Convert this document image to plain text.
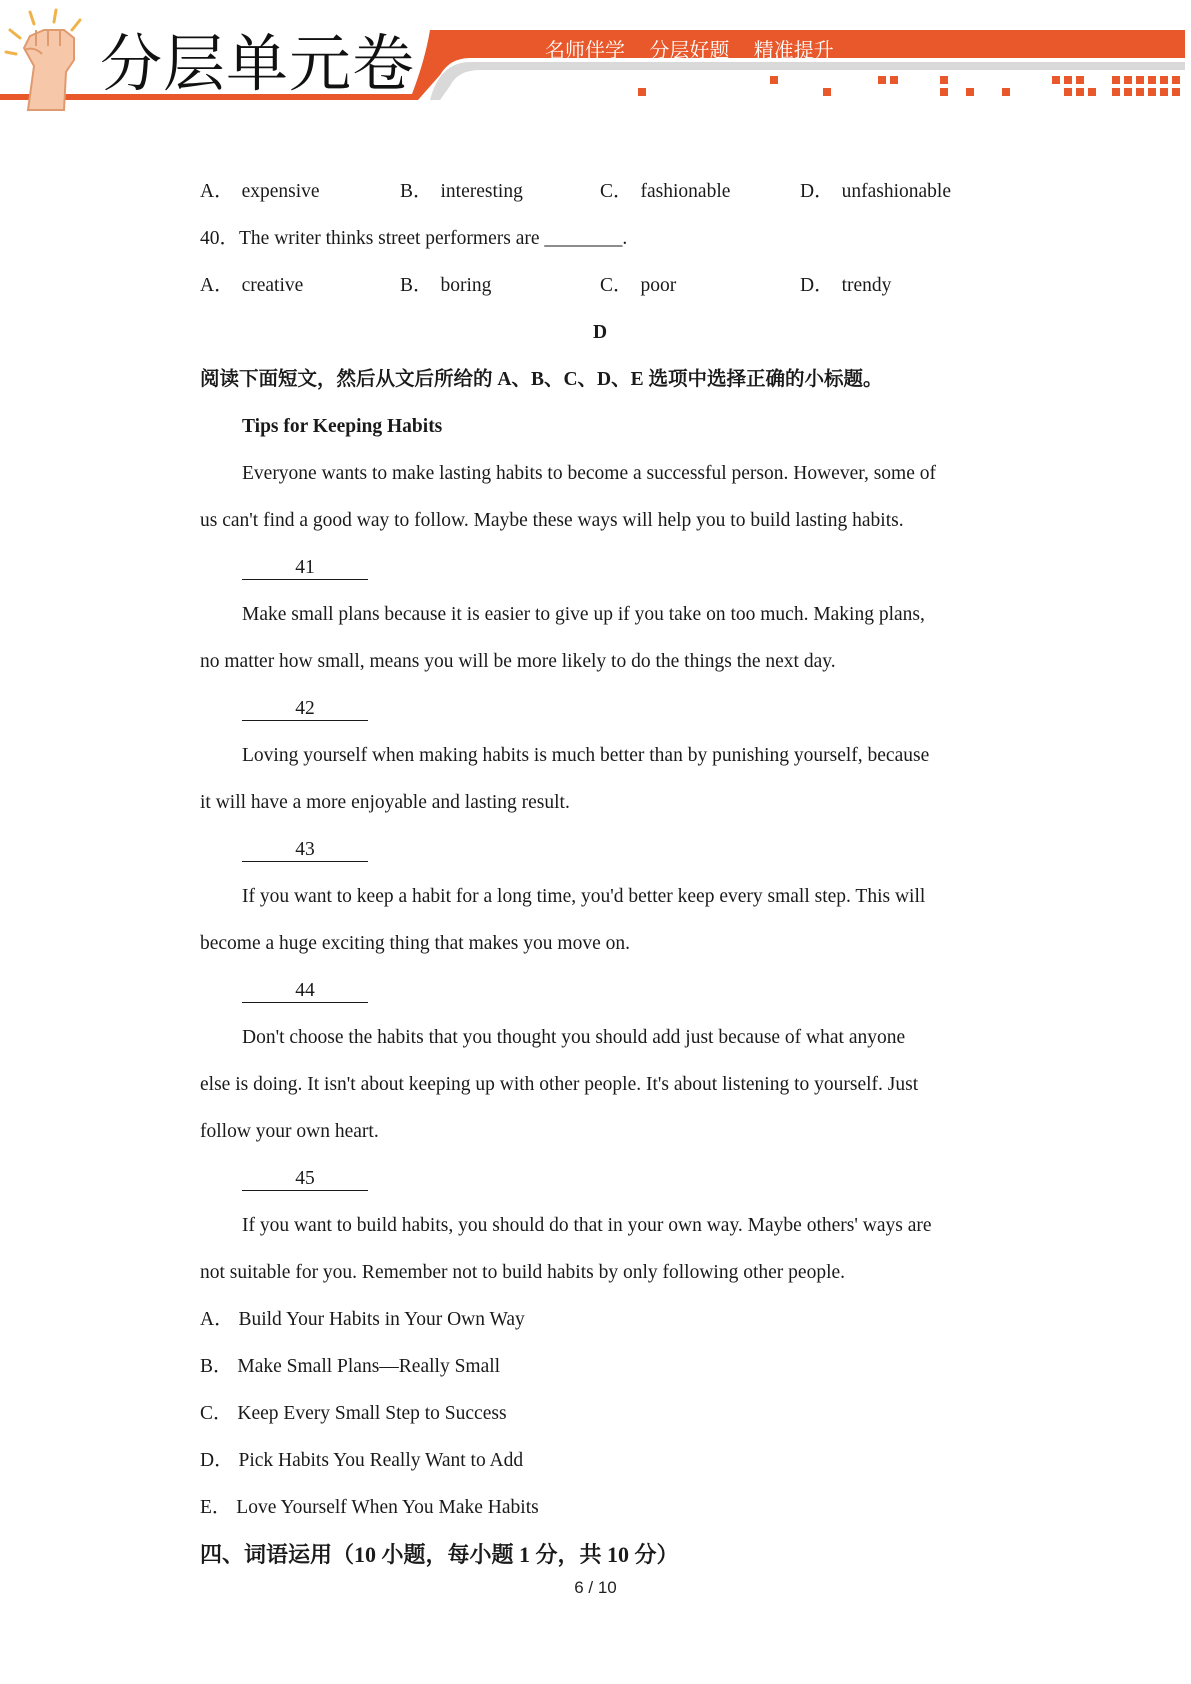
分层单元卷	名师伴学 分层好题 精准提升
A． expensive	B． interesting	C． fashionable	D． unfashionable
40．The writer thinks street performers are ________.
A． creative	B． boring	C． poor	D． trendy
D
阅读下面短文，然后从文后所给的 A、B、C、D、E 选项中选择正确的小标题。
Tips for Keeping Habits
Everyone wants to make lasting habits to become a successful person. However, some of
us can't find a good way to follow. Maybe these ways will help you to build lasting habits.
41
Make small plans because it is easier to give up if you take on too much. Making plans,
no matter how small, means you will be more likely to do the things the next day.
42
Loving yourself when making habits is much better than by punishing yourself, because
it will have a more enjoyable and lasting result.
43
If you want to keep a habit for a long time, you'd better keep every small step. This will
become a huge exciting thing that makes you move on.
44
Don't choose the habits that you thought you should add just because of what anyone
else is doing. It isn't about keeping up with other people. It's about listening to yourself. Just
follow your own heart.
45
If you want to build habits, you should do that in your own way. Maybe others' ways are
not suitable for you. Remember not to build habits by only following other people.
A． Build Your Habits in Your Own Way
B． Make Small Plans—Really Small
C． Keep Every Small Step to Success
D． Pick Habits You Really Want to Add
E． Love Yourself When You Make Habits
四、词语运用（10 小题，每小题 1 分，共 10 分）
6 / 10
